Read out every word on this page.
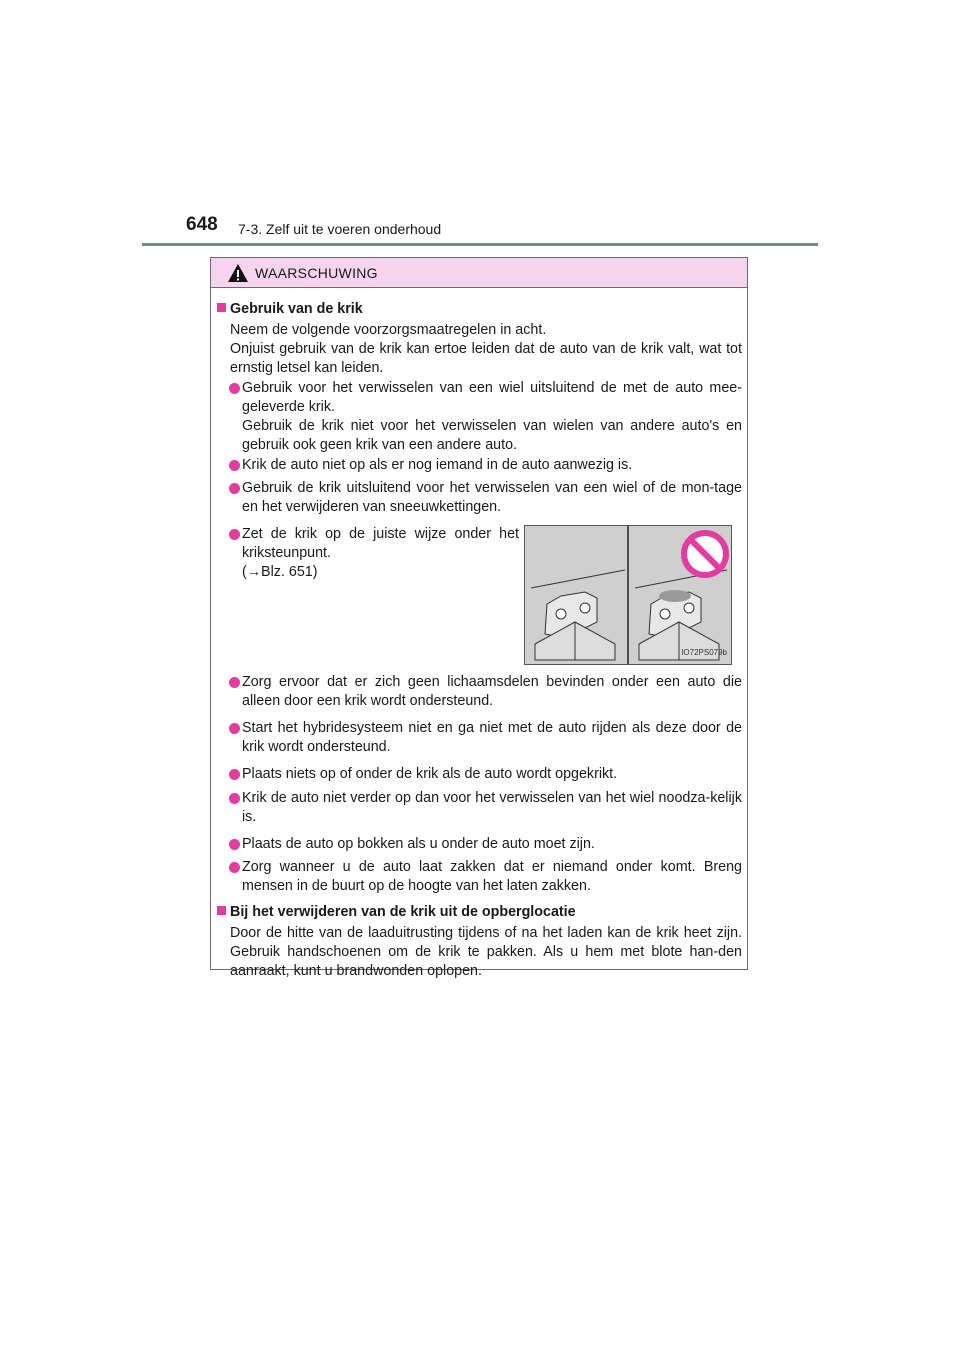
648 7-3. Zelf uit te voeren onderhoud
WAARSCHUWING
Gebruik van de krik
Neem de volgende voorzorgsmaatregelen in acht.
Onjuist gebruik van de krik kan ertoe leiden dat de auto van de krik valt, wat tot ernstig letsel kan leiden.

Gebruik voor het verwisselen van een wiel uitsluitend de met de auto mee-geleverde krik.

Gebruik de krik niet voor het verwisselen van wielen van andere auto's en gebruik ook geen krik van een andere auto.

Krik de auto niet op als er nog iemand in de auto aanwezig is.

Gebruik de krik uitsluitend voor het verwisselen van een wiel of de mon-tage en het verwijderen van sneeuwkettingen.

Zet de krik op de juiste wijze onder het kriksteunpunt.

(→Blz. 651)

IO72PS079b

Zorg ervoor dat er zich geen lichaamsdelen bevinden onder een auto die alleen door een krik wordt ondersteund.

Start het hybridesysteem niet en ga niet met de auto rijden als deze door de krik wordt ondersteund.

Plaats niets op of onder de krik als de auto wordt opgekrikt.

Krik de auto niet verder op dan voor het verwisselen van het wiel noodza-kelijk is.

Plaats de auto op bokken als u onder de auto moet zijn.

Zorg wanneer u de auto laat zakken dat er niemand onder komt. Breng mensen in de buurt op de hoogte van het laten zakken.

Bij het verwijderen van de krik uit de opberglocatie
Door de hitte van de laaduitrusting tijdens of na het laden kan de krik heet zijn. Gebruik handschoenen om de krik te pakken. Als u hem met blote han-den aanraakt, kunt u brandwonden oplopen.
